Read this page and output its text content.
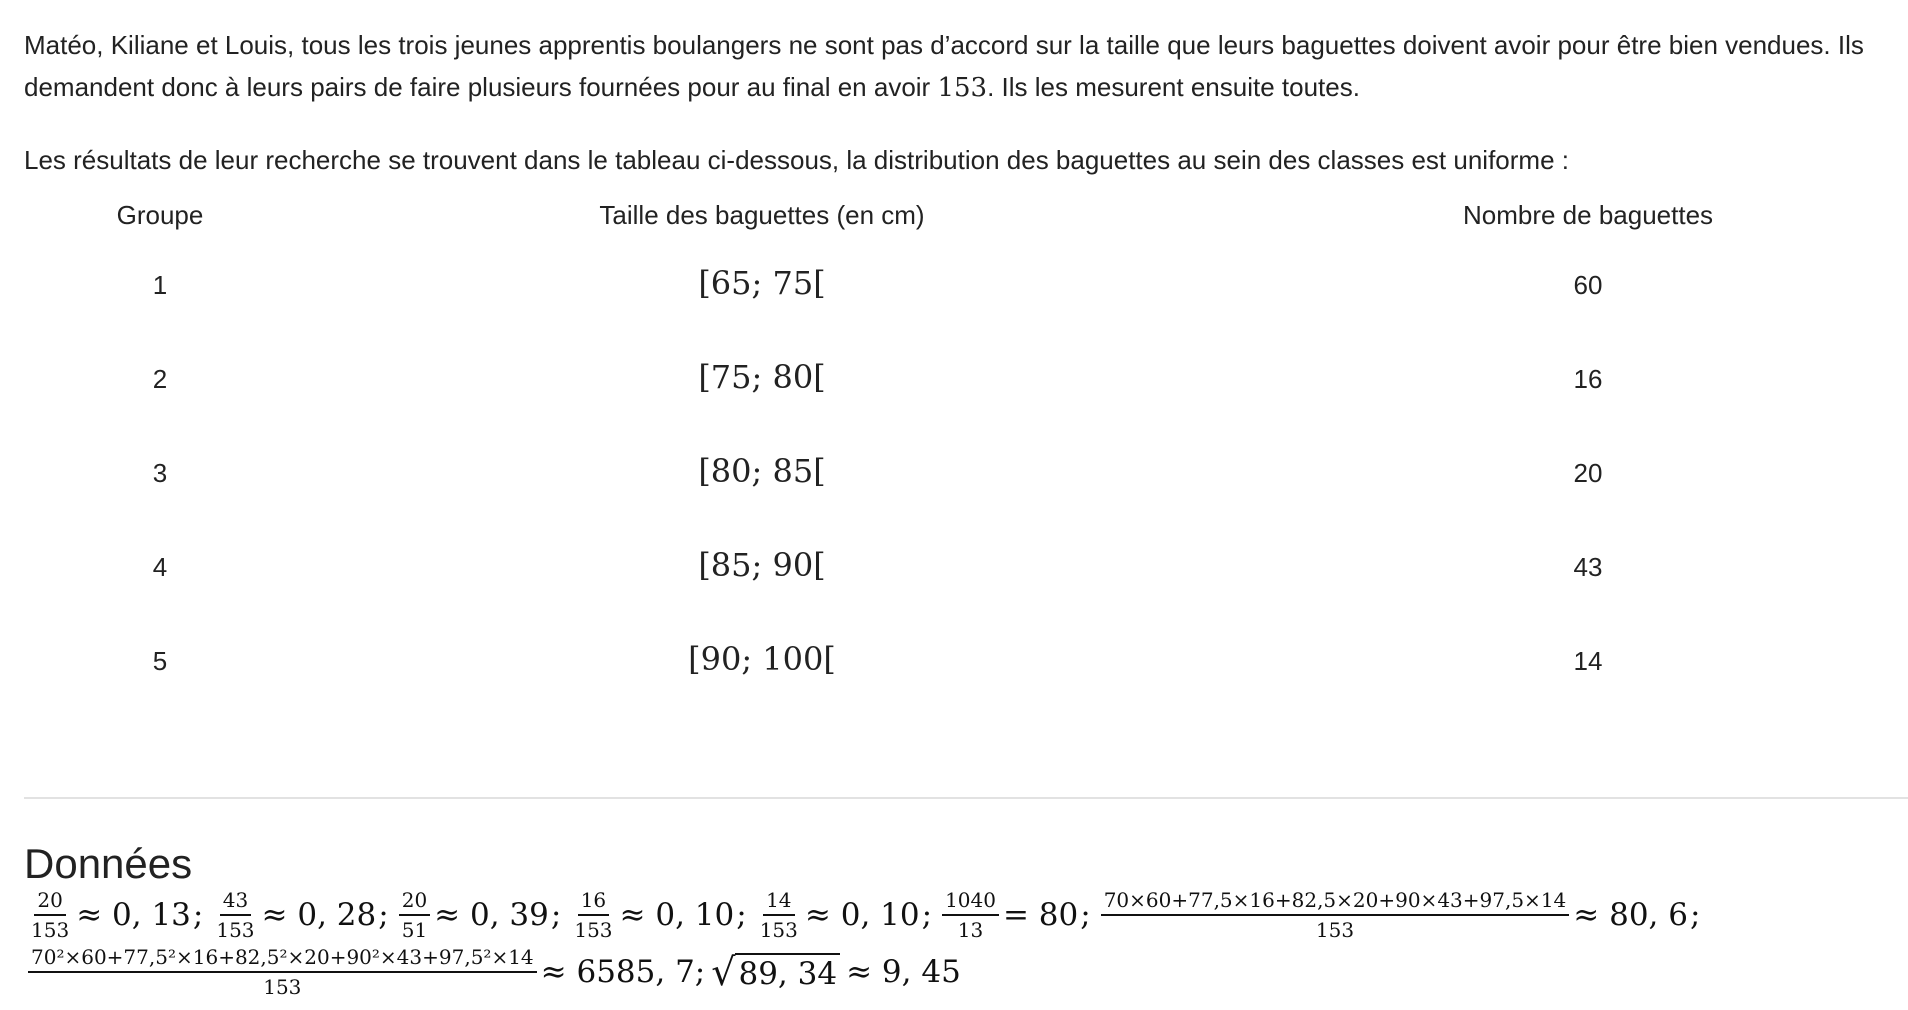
Matéo, Kiliane et Louis, tous les trois jeunes apprentis boulangers ne sont pas d’accord sur la taille que leurs baguettes doivent avoir pour être bien vendues. Ils demandent donc à leurs pairs de faire plusieurs fournées pour au final en avoir 153. Ils les mesurent ensuite toutes.

Les résultats de leur recherche se trouvent dans le tableau ci-dessous, la distribution des baguettes au sein des classes est uniforme :

Groupe	Taille des baguettes (en cm)	Nombre de baguettes
1	[65; 75[	60
2	[75; 80[	16
3	[80; 85[	20
4	[85; 90[	43
5	[90; 100[	14
Données
$\frac{20}{153} \approx 0$, 13 ; $\frac{43}{153} \approx 0$, 28 ; $\frac{20}{51} \approx 0$, 39 ; $\frac{16}{153} \approx 0$, 10 ; $\frac{14}{153} \approx 0$, 10 ; $\frac{1040}{13} = 80$ ; $\frac{70\times 60+77,5\times 16+82,5\times 20+90\times 43+97,5\times 14}{153} \approx 80$, 6 ;
$\frac{\text{70²×60+77,5²×16+82,5²×20+90²×43+97,5²×14}}{153} \approx 6585$, 7; √ 89, 34 ≈ 9, 45
